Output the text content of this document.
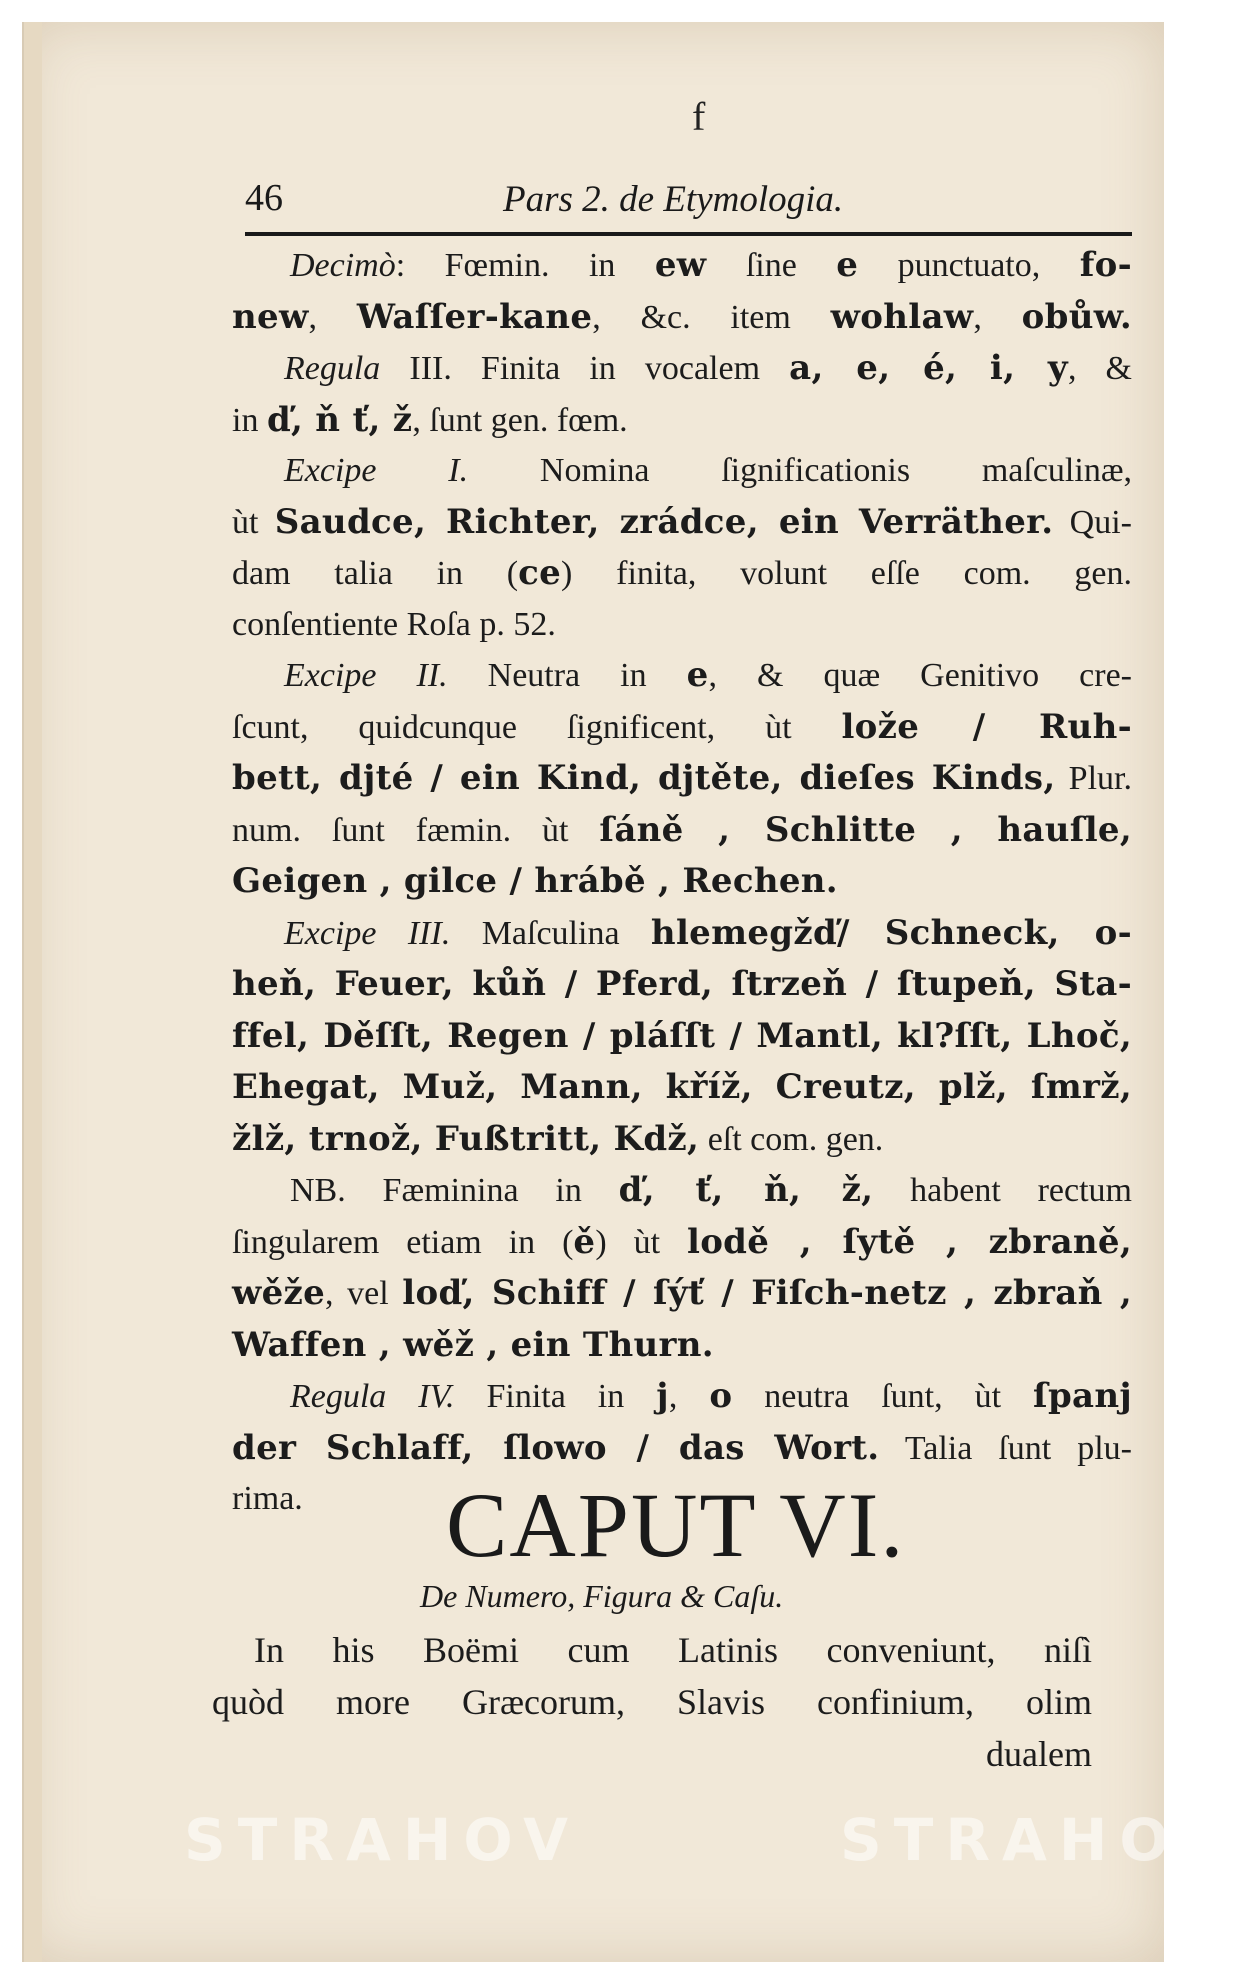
f
46	Pars 2. de Etymologia.
Decimò: Fœmin. in ew ſine e punctuato, fo-
new, Waſſer-kane, &c. item wohlaw, obůw.
Regula III. Finita in vocalem a, e, é, i, y, &
in ď, ň ť, ž, ſunt gen. fœm.
Excipe I. Nomina ſignificationis maſculinæ,
ùt Saudce, Richter, zrádce, ein Verräther. Qui-
dam talia in (ce) finita, volunt eſſe com. gen.
conſentiente Roſa p. 52.
Excipe II. Neutra in e, & quæ Genitivo cre-
ſcunt, quidcunque ſignificent, ùt lože / Ruh-
bett, djté / ein Kind, djtěte, dieſes Kinds, Plur.
num. ſunt fæmin. ùt ſáně , Schlitte , hauſle,
Geigen , gilce / hrábě , Rechen.
Excipe III. Maſculina hlemegžď/ Schneck, o-
heň, Feuer, kůň / Pferd, ſtrzeň / ſtupeň, Sta-
ffel, Děſſt, Regen / pláſſt / Mantl, kl?ſſt, Lhoč,
Ehegat, Muž, Mann, kříž, Creutz, plž, ſmrž,
žlž, trnož, Fußtritt, Kdž, eſt com. gen.
NB. Fæminina in ď, ť, ň, ž, habent rectum
ſingularem etiam in (ě) ùt lodě , ſytě , zbraně,
wěže, vel loď, Schiff / ſýť / Fiſch-netz , zbraň ,
Waffen , wěž , ein Thurn.
Regula IV. Finita in j, o neutra ſunt, ùt ſpanj
der Schlaff, ſlowo / das Wort. Talia ſunt plu-
rima.	CAPUT VI.
De Numero, Figura & Caſu.
In his Boëmi cum Latinis conveniunt, niſì
quòd more Græcorum, Slavis confinium, olim
dualem
STRAHOV	STRAHOV
